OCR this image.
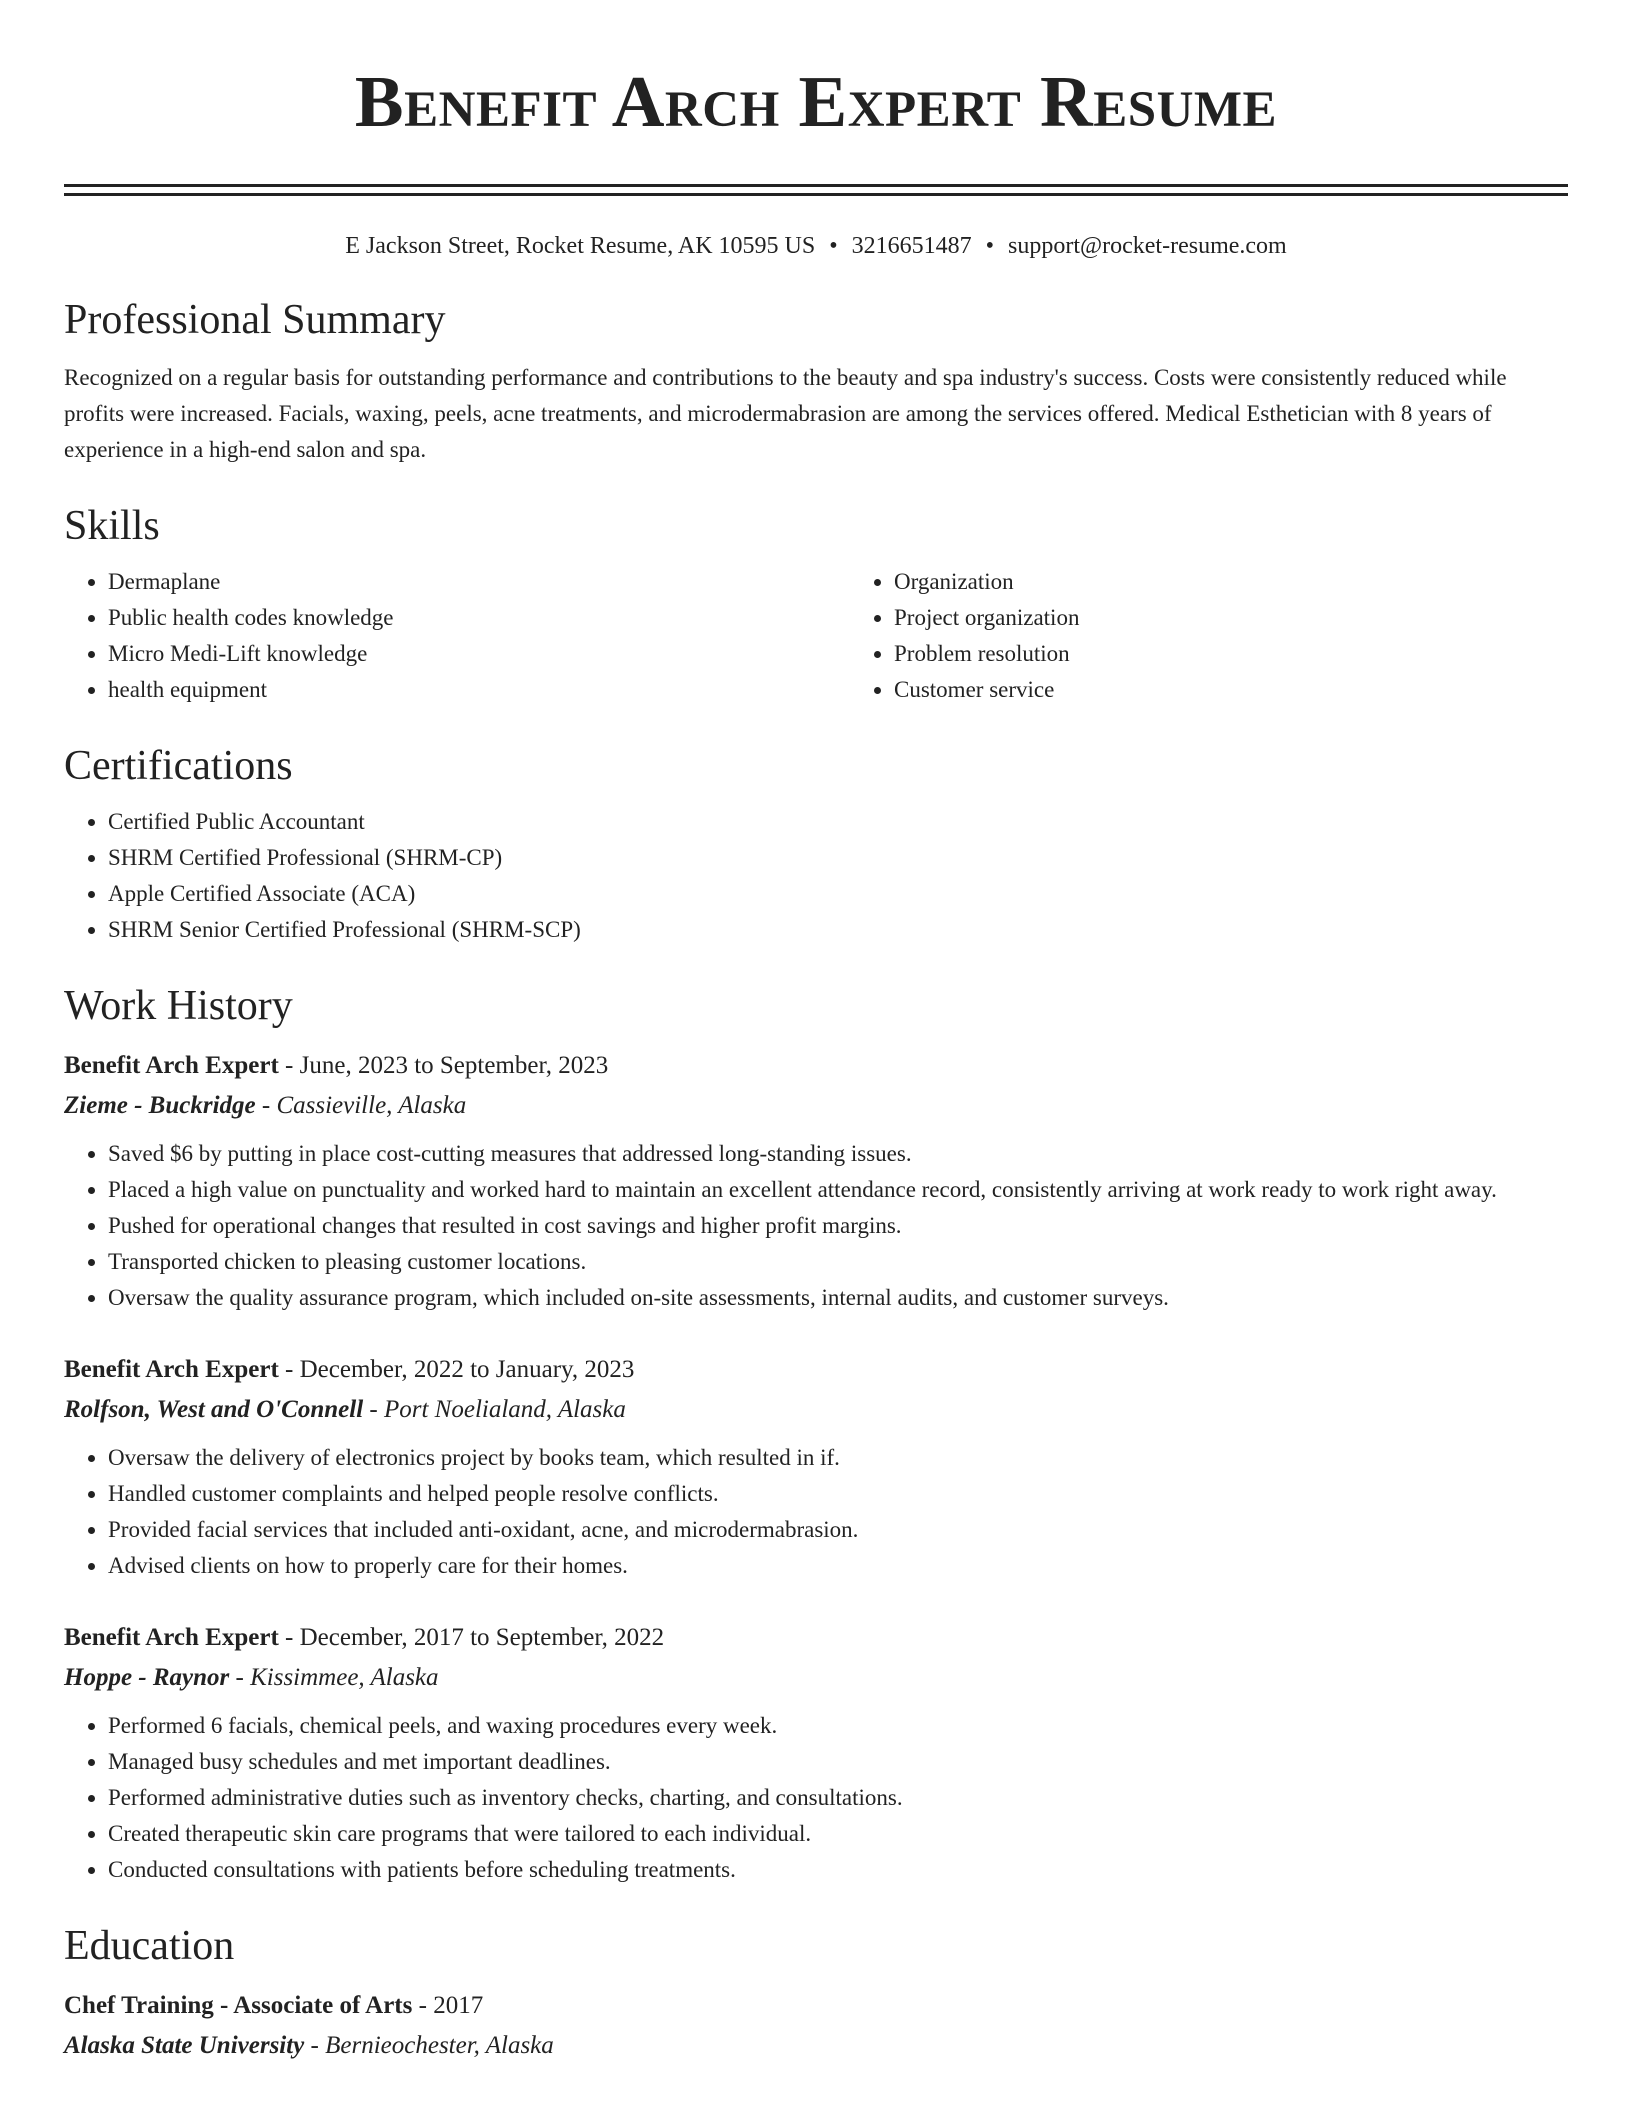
Benefit Arch Expert Resume
E Jackson Street, Rocket Resume, AK 10595 US • 3216651487 • support@rocket-resume.com
Professional Summary

Recognized on a regular basis for outstanding performance and contributions to the beauty and spa industry's success. Costs were consistently reduced while profits were increased. Facials, waxing, peels, acne treatments, and microdermabrasion are among the services offered. Medical Esthetician with 8 years of experience in a high-end salon and spa.

Skills
• Dermaplane
• Public health codes knowledge
• Micro Medi-Lift knowledge
• health equipment
• Organization
• Project organization
• Problem resolution
• Customer service
Certifications
• Certified Public Accountant
• SHRM Certified Professional (SHRM-CP)
• Apple Certified Associate (ACA)
• SHRM Senior Certified Professional (SHRM-SCP)
Work History
Benefit Arch Expert - June, 2023 to September, 2023
Zieme - Buckridge - Cassieville, Alaska
• Saved $6 by putting in place cost-cutting measures that addressed long-standing issues.
• Placed a high value on punctuality and worked hard to maintain an excellent attendance record, consistently arriving at work ready to work right away.
• Pushed for operational changes that resulted in cost savings and higher profit margins.
• Transported chicken to pleasing customer locations.
• Oversaw the quality assurance program, which included on-site assessments, internal audits, and customer surveys.
Benefit Arch Expert - December, 2022 to January, 2023
Rolfson, West and O'Connell - Port Noelialand, Alaska
• Oversaw the delivery of electronics project by books team, which resulted in if.
• Handled customer complaints and helped people resolve conflicts.
• Provided facial services that included anti-oxidant, acne, and microdermabrasion.
• Advised clients on how to properly care for their homes.
Benefit Arch Expert - December, 2017 to September, 2022
Hoppe - Raynor - Kissimmee, Alaska
• Performed 6 facials, chemical peels, and waxing procedures every week.
• Managed busy schedules and met important deadlines.
• Performed administrative duties such as inventory checks, charting, and consultations.
• Created therapeutic skin care programs that were tailored to each individual.
• Conducted consultations with patients before scheduling treatments.
Education
Chef Training - Associate of Arts - 2017
Alaska State University - Bernieochester, Alaska
